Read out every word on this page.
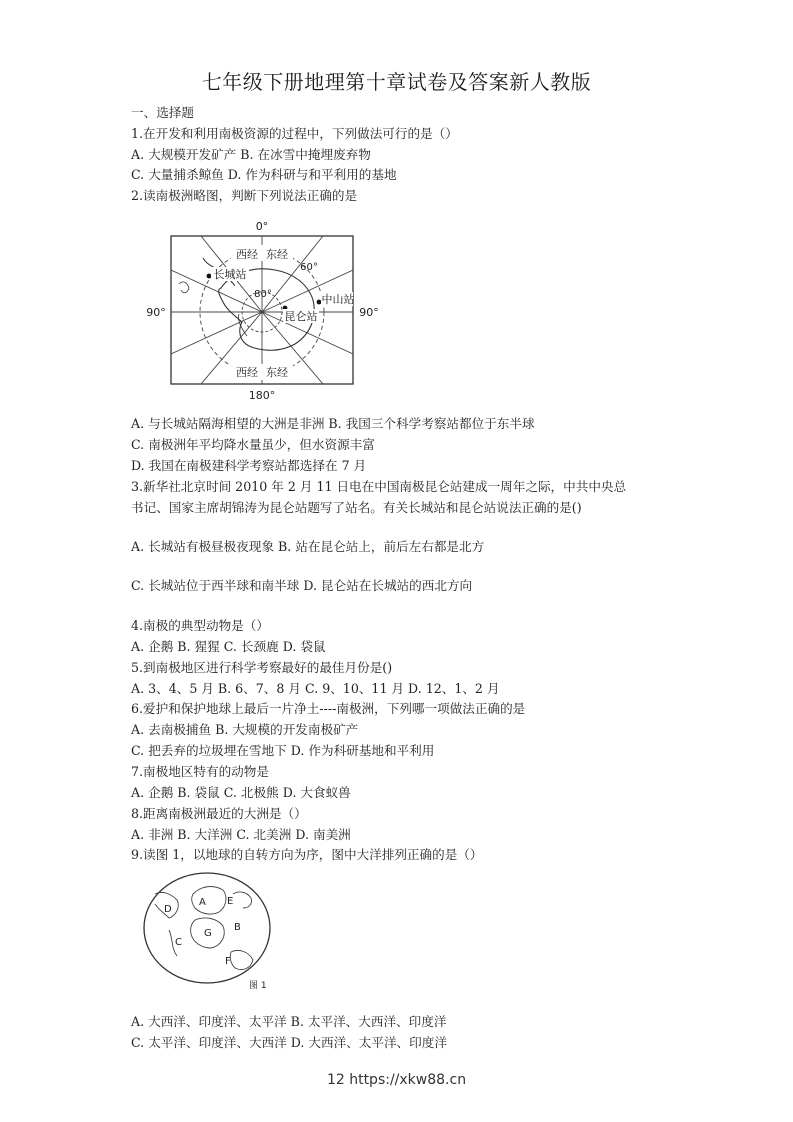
七年级下册地理第十章试卷及答案新人教版
一、选择题
1.在开发和利用南极资源的过程中，下列做法可行的是（）
A. 大规模开发矿产 B. 在冰雪中掩埋废弃物
C. 大量捕杀鲸鱼 D. 作为科研与和平利用的基地
2.读南极洲略图，判断下列说法正确的是
西经 东经
西经 东经
0°
180°
90°	90°
60°
80°
长城站
中山站
昆仑站
A. 与长城站隔海相望的大洲是非洲 B. 我国三个科学考察站都位于东半球
C. 南极洲年平均降水量虽少，但水资源丰富
D. 我国在南极建科学考察站都选择在 7 月
3.新华社北京时间 2010 年 2 月 11 日电在中国南极昆仑站建成一周年之际，中共中央总
书记、国家主席胡锦涛为昆仑站题写了站名。有关长城站和昆仑站说法正确的是()
A. 长城站有极昼极夜现象 B. 站在昆仑站上，前后左右都是北方
C. 长城站位于西半球和南半球 D. 昆仑站在长城站的西北方向
4.南极的典型动物是（）
A. 企鹅 B. 猩猩 C. 长颈鹿 D. 袋鼠
5.到南极地区进行科学考察最好的最佳月份是()
A. 3、4、5 月 B. 6、7、8 月 C. 9、10、11 月 D. 12、1、2 月
6.爱护和保护地球上最后一片净土----南极洲，下列哪一项做法正确的是
A. 去南极捕鱼 B. 大规模的开发南极矿产
C. 把丢弃的垃圾埋在雪地下 D. 作为科研基地和平利用
7.南极地区特有的动物是
A. 企鹅 B. 袋鼠 C. 北极熊 D. 大食蚁兽
8.距离南极洲最近的大洲是（）
A. 非洲 B. 大洋洲 C. 北美洲 D. 南美洲
9.读图 1，以地球的自转方向为序，图中大洋排列正确的是（）
D
A E
C
G
B
F
图 1
A. 大西洋、印度洋、太平洋 B. 太平洋、大西洋、印度洋
C. 太平洋、印度洋、大西洋 D. 大西洋、太平洋、印度洋
12 https://xkw88.cn
